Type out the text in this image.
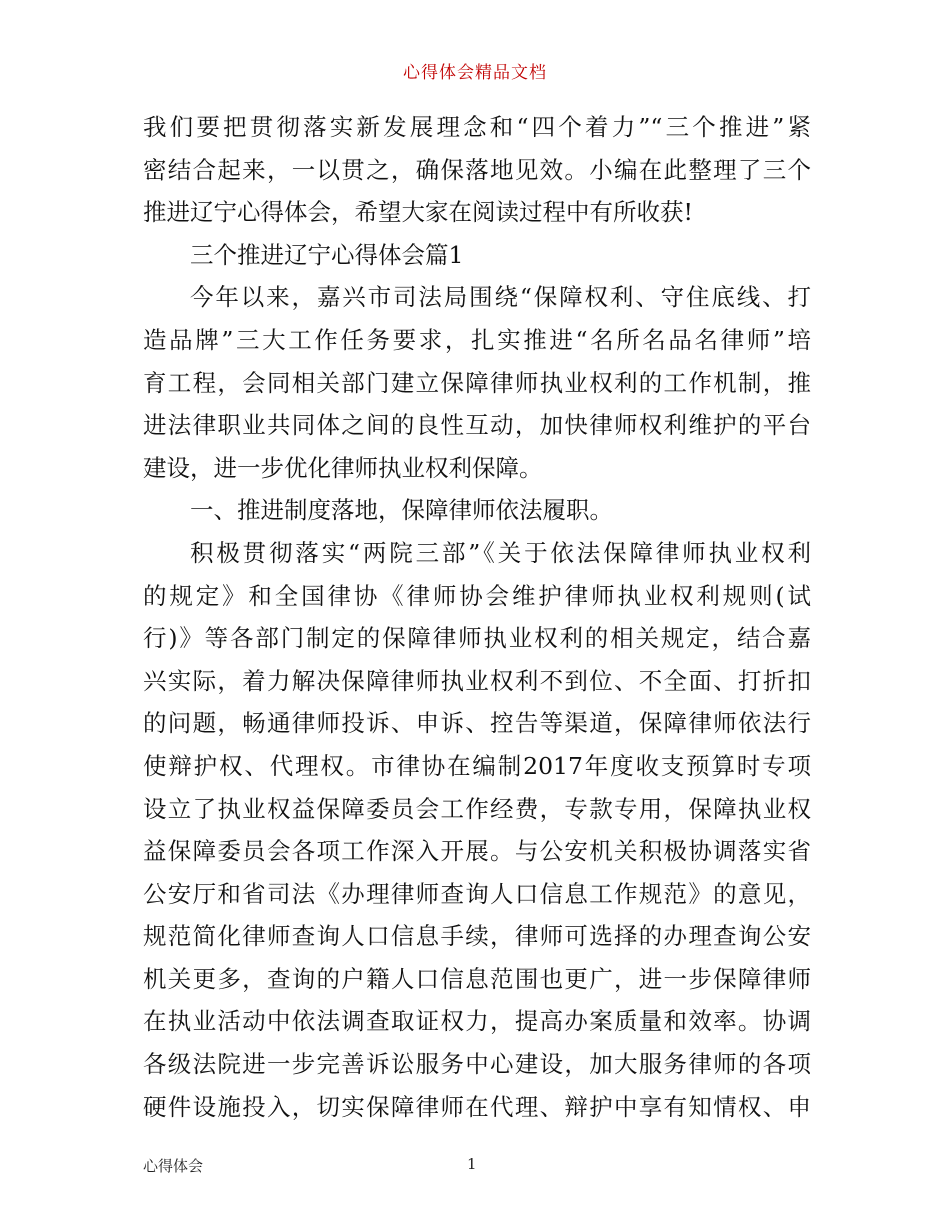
心得体会精品文档
我们要把贯彻落实新发展理念和“四个着力”“三个推进”紧
密结合起来，一以贯之，确保落地见效。小编在此整理了三个
推进辽宁心得体会，希望大家在阅读过程中有所收获!
三个推进辽宁心得体会篇1
今年以来，嘉兴市司法局围绕“保障权利、守住底线、打
造品牌”三大工作任务要求，扎实推进“名所名品名律师”培
育工程，会同相关部门建立保障律师执业权利的工作机制，推
进法律职业共同体之间的良性互动，加快律师权利维护的平台
建设，进一步优化律师执业权利保障。
一、推进制度落地，保障律师依法履职。
积极贯彻落实“两院三部”《关于依法保障律师执业权利
的规定》和全国律协《律师协会维护律师执业权利规则(试
行)》等各部门制定的保障律师执业权利的相关规定，结合嘉
兴实际，着力解决保障律师执业权利不到位、不全面、打折扣
的问题，畅通律师投诉、申诉、控告等渠道，保障律师依法行
使辩护权、代理权。市律协在编制2017年度收支预算时专项
设立了执业权益保障委员会工作经费，专款专用，保障执业权
益保障委员会各项工作深入开展。与公安机关积极协调落实省
公安厅和省司法《办理律师查询人口信息工作规范》的意见，
规范简化律师查询人口信息手续，律师可选择的办理查询公安
机关更多，查询的户籍人口信息范围也更广，进一步保障律师
在执业活动中依法调查取证权力，提高办案质量和效率。协调
各级法院进一步完善诉讼服务中心建设，加大服务律师的各项
硬件设施投入，切实保障律师在代理、辩护中享有知情权、申
心得体会	1
